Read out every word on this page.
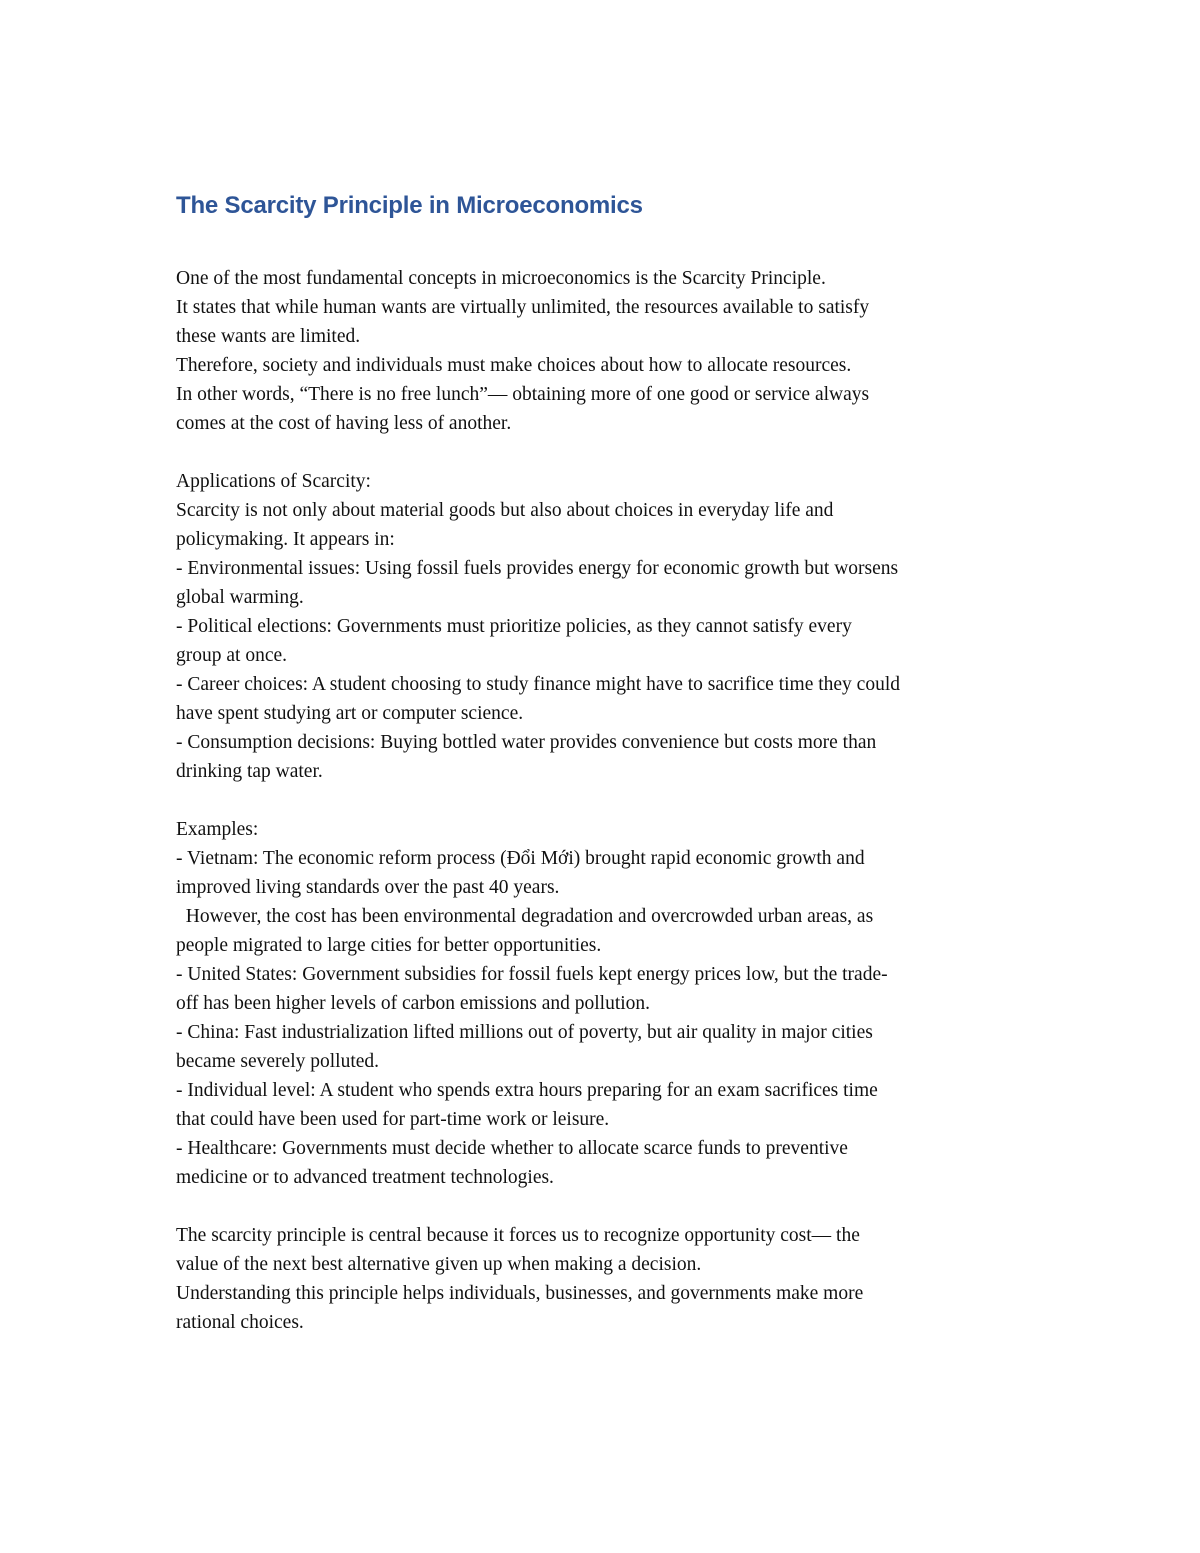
The Scarcity Principle in Microeconomics

One of the most fundamental concepts in microeconomics is the Scarcity Principle.

It states that while human wants are virtually unlimited, the resources available to satisfy

these wants are limited.

Therefore, society and individuals must make choices about how to allocate resources.

In other words, “There is no free lunch”— obtaining more of one good or service always

comes at the cost of having less of another.

Applications of Scarcity:

Scarcity is not only about material goods but also about choices in everyday life and

policymaking. It appears in:

- Environmental issues: Using fossil fuels provides energy for economic growth but worsens

global warming.

- Political elections: Governments must prioritize policies, as they cannot satisfy every

group at once.

- Career choices: A student choosing to study finance might have to sacrifice time they could

have spent studying art or computer science.

- Consumption decisions: Buying bottled water provides convenience but costs more than

drinking tap water.

Examples:

- Vietnam: The economic reform process (Đổi Mới) brought rapid economic growth and

improved living standards over the past 40 years.

However, the cost has been environmental degradation and overcrowded urban areas, as

people migrated to large cities for better opportunities.

- United States: Government subsidies for fossil fuels kept energy prices low, but the trade-

off has been higher levels of carbon emissions and pollution.

- China: Fast industrialization lifted millions out of poverty, but air quality in major cities

became severely polluted.

- Individual level: A student who spends extra hours preparing for an exam sacrifices time

that could have been used for part-time work or leisure.

- Healthcare: Governments must decide whether to allocate scarce funds to preventive

medicine or to advanced treatment technologies.

The scarcity principle is central because it forces us to recognize opportunity cost— the

value of the next best alternative given up when making a decision.

Understanding this principle helps individuals, businesses, and governments make more

rational choices.
